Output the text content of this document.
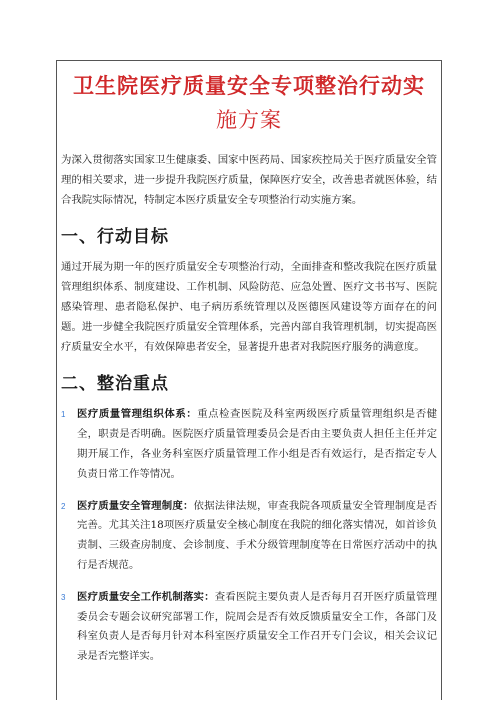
卫生院医疗质量安全专项整治行动实
施方案

为深入贯彻落实国家卫生健康委、国家中医药局、国家疾控局关于医疗质量安全管理的相关要求，进一步提升我院医疗质量，保障医疗安全，改善患者就医体验，结合我院实际情况，特制定本医疗质量安全专项整治行动实施方案。

一、行动目标

通过开展为期一年的医疗质量安全专项整治行动，全面排查和整改我院在医疗质量管理组织体系、制度建设、工作机制、风险防范、应急处置、医疗文书书写、医院感染管理、患者隐私保护、电子病历系统管理以及医德医风建设等方面存在的问题。进一步健全我院医疗质量安全管理体系，完善内部自我管理机制，切实提高医疗质量安全水平，有效保障患者安全，显著提升患者对我院医疗服务的满意度。

二、整治重点
1 医疗质量管理组织体系：重点检查医院及科室两级医疗质量管理组织是否健全，职责是否明确。医院医疗质量管理委员会是否由主要负责人担任主任并定期开展工作，各业务科室医疗质量管理工作小组是否有效运行，是否指定专人负责日常工作等情况。
2 医疗质量安全管理制度：依据法律法规，审查我院各项质量安全管理制度是否完善。尤其关注18项医疗质量安全核心制度在我院的细化落实情况，如首诊负责制、三级查房制度、会诊制度、手术分级管理制度等在日常医疗活动中的执行是否规范。
3 医疗质量安全工作机制落实：查看医院主要负责人是否每月召开医疗质量管理委员会专题会议研究部署工作，院周会是否有效反馈质量安全工作，各部门及科室负责人是否每月针对本科室医疗质量安全工作召开专门会议，相关会议记录是否完整详实。
